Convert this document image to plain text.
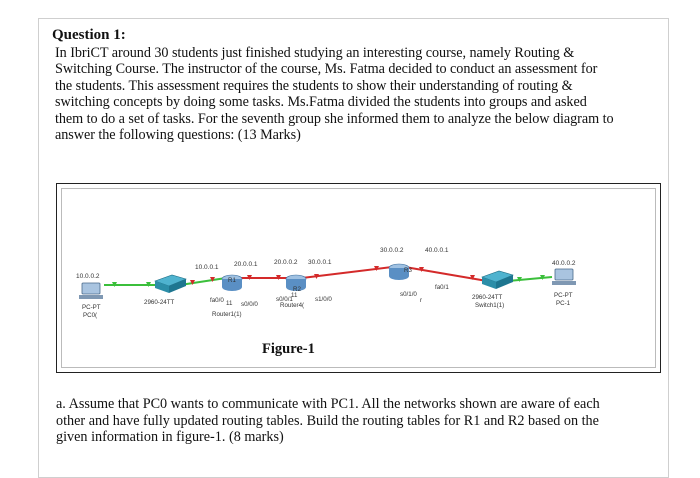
Question 1:

In IbriCT around 30 students just finished studying an interesting course, namely Routing &
Switching Course. The instructor of the course, Ms. Fatma decided to conduct an assessment for
the students. This assessment requires the students to show their understanding of routing &
switching concepts by doing some tasks. Ms.Fatma divided the students into groups and asked
them to do a set of tasks. For the seventh group she informed them to analyze the below diagram to
answer the following questions: (13 Marks)
10.0.0.2
PC-PT
PC0(
2960-24TT
R1
10.0.0.1 20.0.0.1
fa0/0 11 s0/0/0
Router1(1)
R2
20.0.0.2 30.0.0.1
s0/0/1
11
s1/0/0
Router4(
R3
30.0.0.2	40.0.0.1
fa0/1
s0/1/0
r	2960-24TT
Switch1(1)
40.0.0.2
PC-PT
PC-1
Figure-1
a. Assume that PC0 wants to communicate with PC1. All the networks shown are aware of each
other and have fully updated routing tables. Build the routing tables for R1 and R2 based on the
given information in figure-1. (8 marks)
